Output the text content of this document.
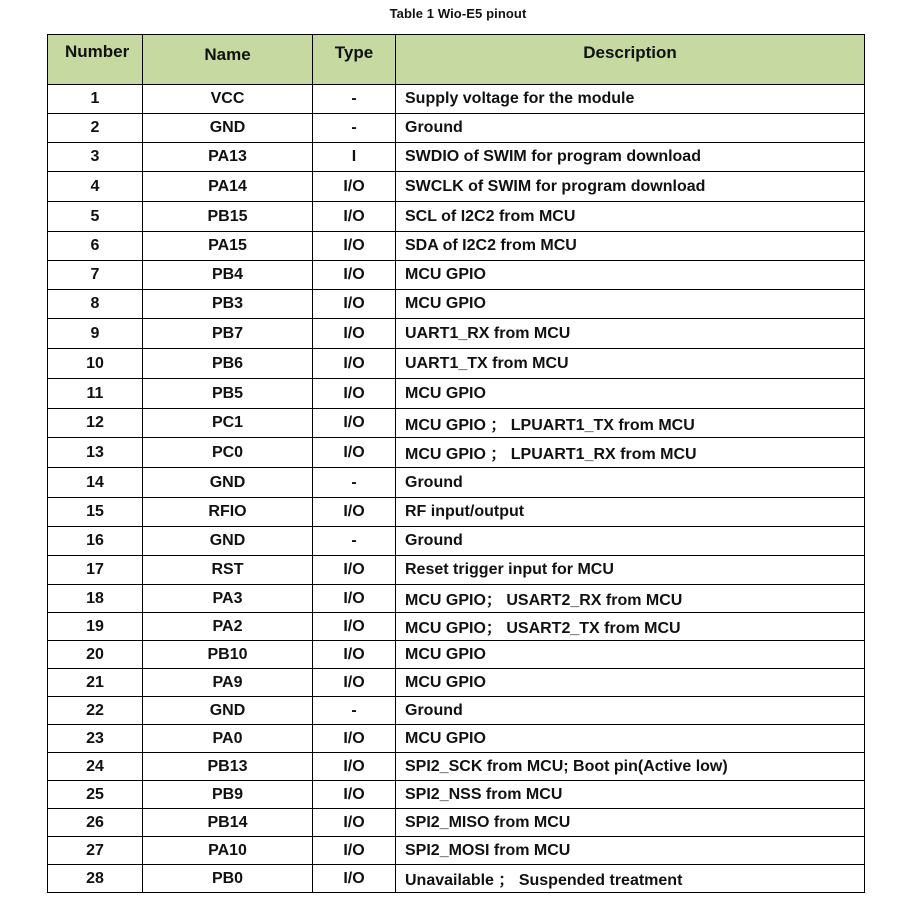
Table 1 Wio-E5 pinout
Number	Name	Type	Description
1	VCC	-	Supply voltage for the module
2	GND	-	Ground
3	PA13	I	SWDIO of SWIM for program download
4	PA14	I/O	SWCLK of SWIM for program download
5	PB15	I/O	SCL of I2C2 from MCU
6	PA15	I/O	SDA of I2C2 from MCU
7	PB4	I/O	MCU GPIO
8	PB3	I/O	MCU GPIO
9	PB7	I/O	UART1_RX from MCU
10	PB6	I/O	UART1_TX from MCU
11	PB5	I/O	MCU GPIO
12	PC1	I/O	MCU GPIO ； LPUART1_TX from MCU
13	PC0	I/O	MCU GPIO ； LPUART1_RX from MCU
14	GND	-	Ground
15	RFIO	I/O	RF input/output
16	GND	-	Ground
17	RST	I/O	Reset trigger input for MCU
18	PA3	I/O	MCU GPIO； USART2_RX from MCU
19	PA2	I/O	MCU GPIO； USART2_TX from MCU
20	PB10	I/O	MCU GPIO
21	PA9	I/O	MCU GPIO
22	GND	-	Ground
23	PA0	I/O	MCU GPIO
24	PB13	I/O	SPI2_SCK from MCU; Boot pin(Active low)
25	PB9	I/O	SPI2_NSS from MCU
26	PB14	I/O	SPI2_MISO from MCU
27	PA10	I/O	SPI2_MOSI from MCU
28	PB0	I/O	Unavailable ； Suspended treatment
